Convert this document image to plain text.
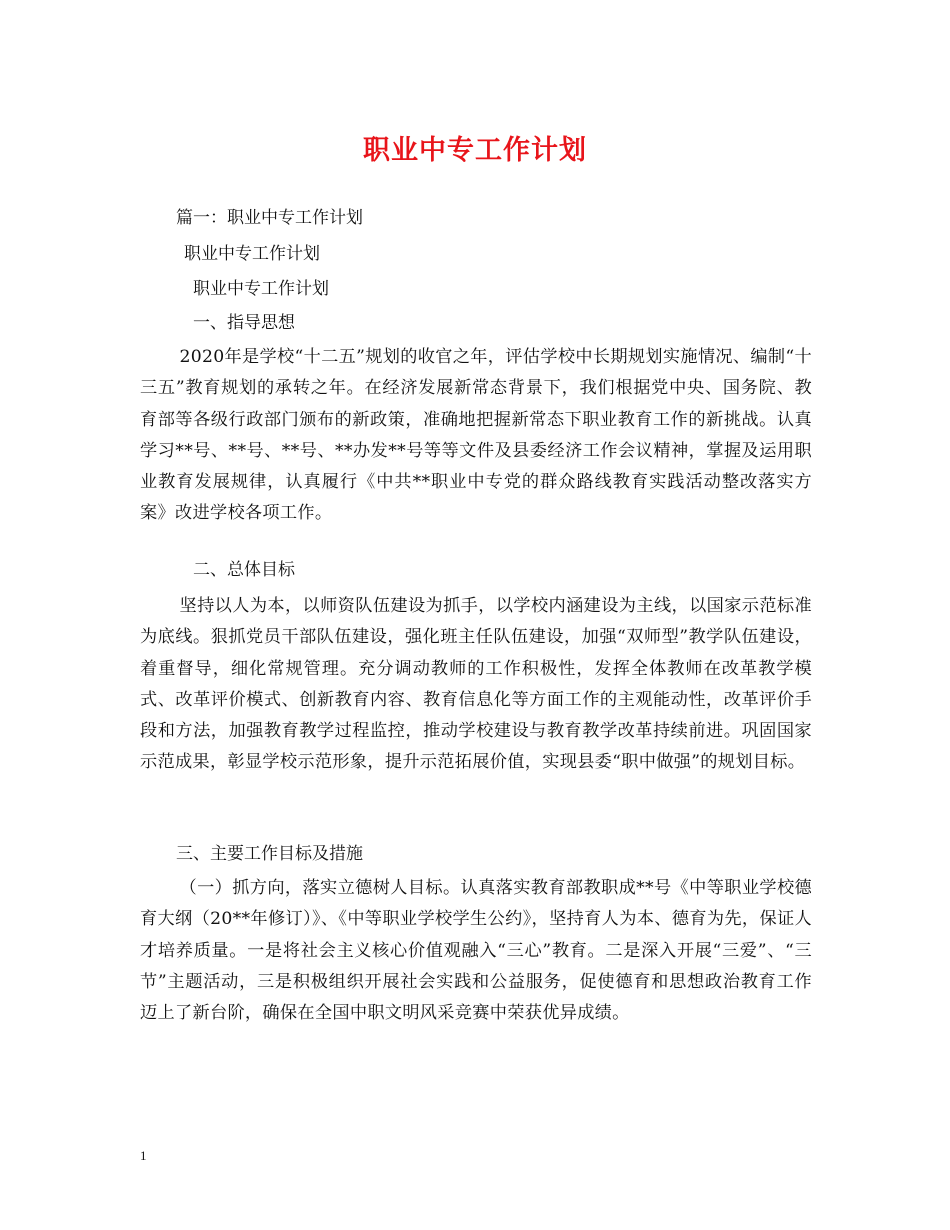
职业中专工作计划
篇一：职业中专工作计划
职业中专工作计划
职业中专工作计划
一、指导思想
2020年是学校“十二五”规划的收官之年，评估学校中长期规划实施情况、编制“十三五”教育规划的承转之年。在经济发展新常态背景下，我们根据党中央、国务院、教育部等各级行政部门颁布的新政策，准确地把握新常态下职业教育工作的新挑战。认真学习**号、**号、**号、**办发**号等等文件及县委经济工作会议精神，掌握及运用职业教育发展规律，认真履行《中共**职业中专党的群众路线教育实践活动整改落实方案》改进学校各项工作。
二、总体目标
坚持以人为本，以师资队伍建设为抓手，以学校内涵建设为主线，以国家示范标准为底线。狠抓党员干部队伍建设，强化班主任队伍建设，加强“双师型”教学队伍建设，着重督导，细化常规管理。充分调动教师的工作积极性，发挥全体教师在改革教学模式、改革评价模式、创新教育内容、教育信息化等方面工作的主观能动性，改革评价手段和方法，加强教育教学过程监控，推动学校建设与教育教学改革持续前进。巩固国家示范成果，彰显学校示范形象，提升示范拓展价值，实现县委“职中做强”的规划目标。
三、主要工作目标及措施
（一）抓方向，落实立德树人目标。认真落实教育部教职成**号《中等职业学校德育大纲（20**年修订）》、《中等职业学校学生公约》，坚持育人为本、德育为先，保证人才培养质量。一是将社会主义核心价值观融入“三心”教育。二是深入开展“三爱”、“三节”主题活动，三是积极组织开展社会实践和公益服务，促使德育和思想政治教育工作迈上了新台阶，确保在全国中职文明风采竞赛中荣获优异成绩。
1
